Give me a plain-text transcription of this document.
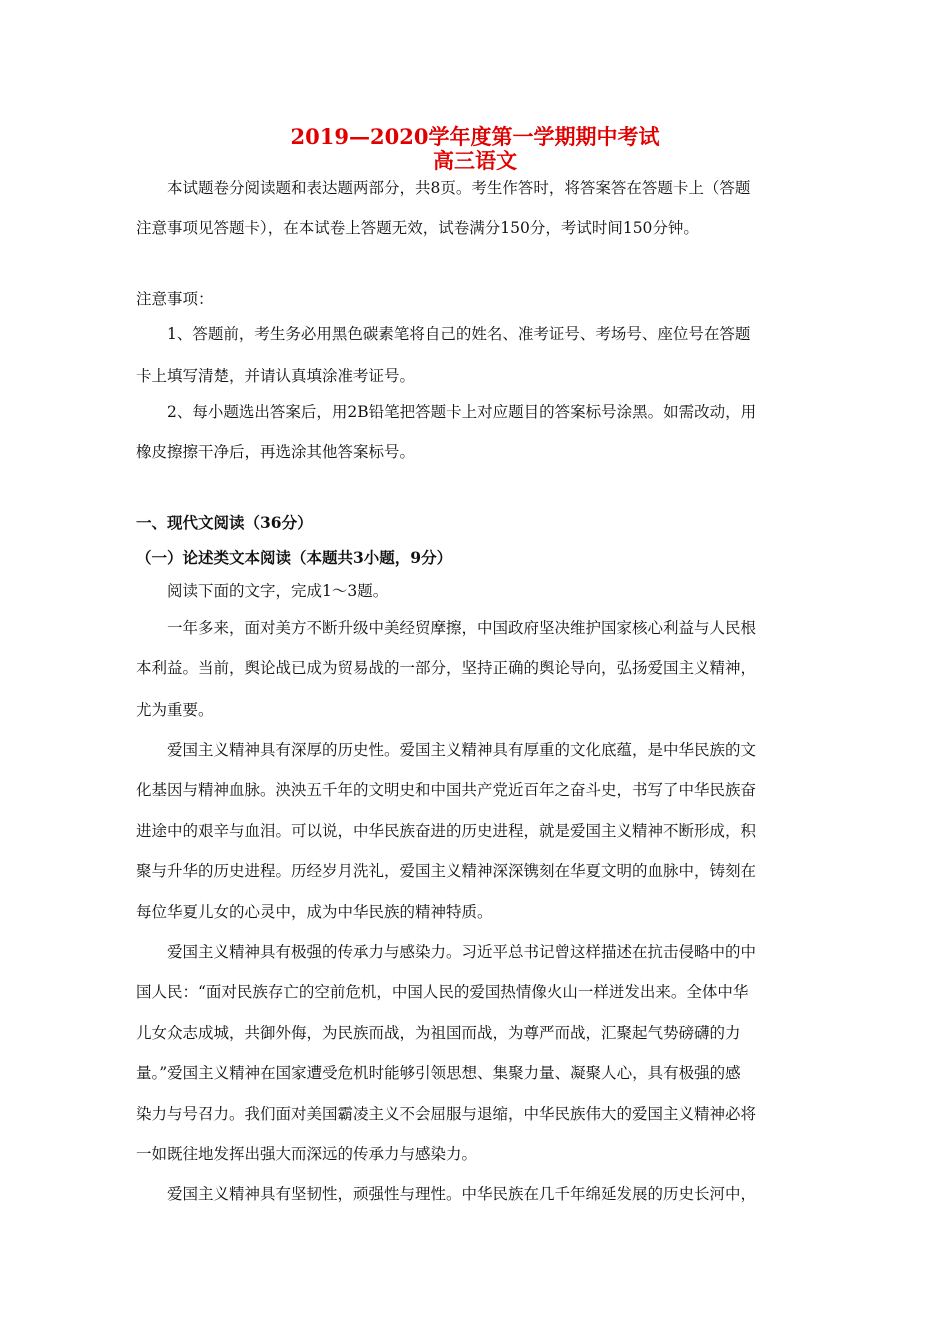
2019—2020学年度第一学期期中考试
高三语文

本试题卷分阅读题和表达题两部分，共8页。考生作答时，将答案答在答题卡上（答题

注意事项见答题卡），在本试卷上答题无效，试卷满分150分，考试时间150分钟。

注意事项：

1、答题前，考生务必用黑色碳素笔将自己的姓名、准考证号、考场号、座位号在答题

卡上填写清楚，并请认真填涂准考证号。

2、每小题选出答案后，用2B铅笔把答题卡上对应题目的答案标号涂黑。如需改动，用

橡皮擦擦干净后，再选涂其他答案标号。

一、现代文阅读（36分）

（一）论述类文本阅读（本题共3小题，9分）

阅读下面的文字，完成1～3题。

一年多来，面对美方不断升级中美经贸摩擦，中国政府坚决维护国家核心利益与人民根

本利益。当前，舆论战已成为贸易战的一部分，坚持正确的舆论导向，弘扬爱国主义精神，

尤为重要。

爱国主义精神具有深厚的历史性。爱国主义精神具有厚重的文化底蕴，是中华民族的文

化基因与精神血脉。泱泱五千年的文明史和中国共产党近百年之奋斗史，书写了中华民族奋

进途中的艰辛与血泪。可以说，中华民族奋进的历史进程，就是爱国主义精神不断形成，积

聚与升华的历史进程。历经岁月洗礼，爱国主义精神深深镌刻在华夏文明的血脉中，铸刻在

每位华夏儿女的心灵中，成为中华民族的精神特质。

爱国主义精神具有极强的传承力与感染力。习近平总书记曾这样描述在抗击侵略中的中

国人民：“面对民族存亡的空前危机，中国人民的爱国热情像火山一样迸发出来。全体中华

儿女众志成城，共御外侮，为民族而战，为祖国而战，为尊严而战，汇聚起气势磅礴的力

量。”爱国主义精神在国家遭受危机时能够引领思想、集聚力量、凝聚人心，具有极强的感

染力与号召力。我们面对美国霸凌主义不会屈服与退缩，中华民族伟大的爱国主义精神必将

一如既往地发挥出强大而深远的传承力与感染力。

爱国主义精神具有坚韧性，顽强性与理性。中华民族在几千年绵延发展的历史长河中，
